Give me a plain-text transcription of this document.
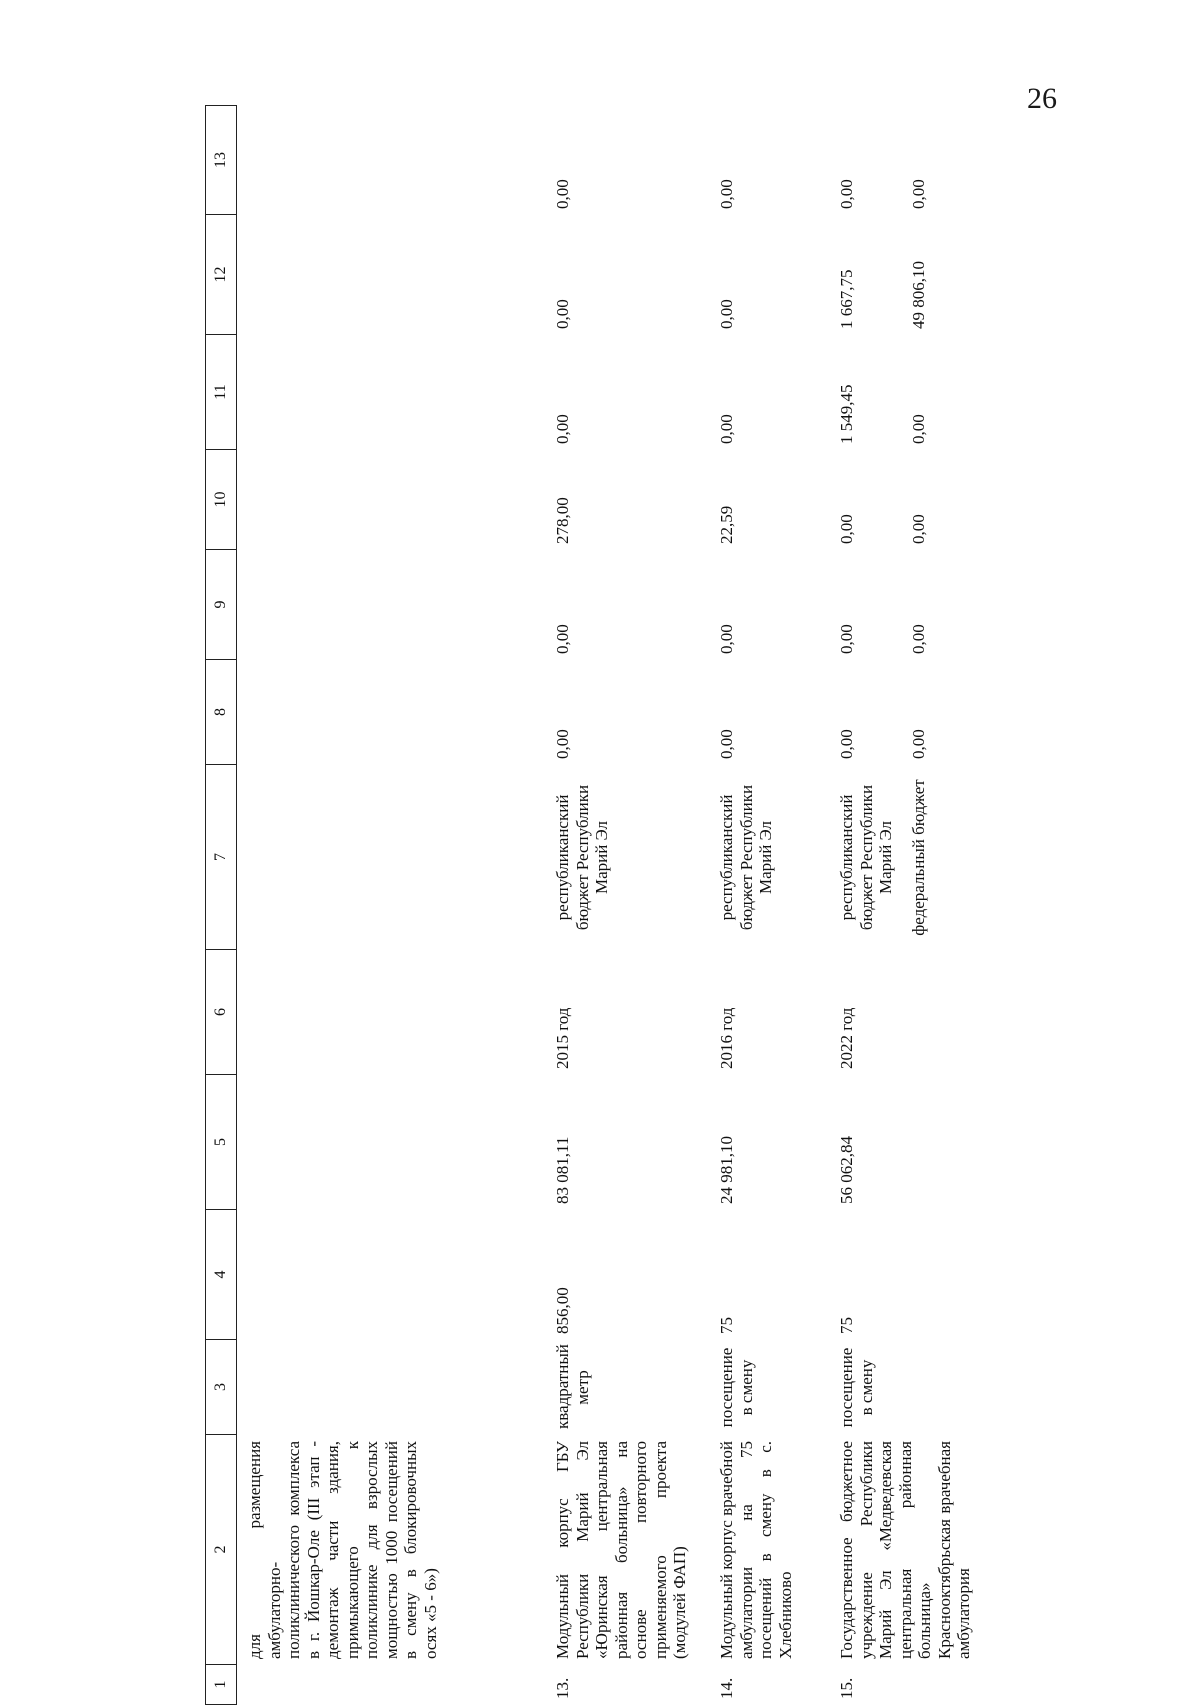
26
1
2
3
4
5
6
7
8
9
10
11
12
13
для размещения амбулаторно-поликлинического комплекса в г. Йошкар-Оле (III этап - демонтаж части здания, примыкающего к поликлинике для взрослых мощностью 1000 посещений в смену в блокировочных осях «5 - 6»)
13.
Модульный корпус ГБУ Республики Марий Эл «Юринская центральная районная больница» на основе повторного применяемого проекта (модулей ФАП)
квадратный метр
856,00
83 081,11
2015 год
республиканский бюджет Республики Марий Эл
0,00
0,00
278,00
0,00
0,00
0,00
14.
Модульный корпус врачебной амбулатории на 75 посещений в смену в с. Хлебниково
посещение в смену
75
24 981,10
2016 год
республиканский бюджет Республики Марий Эл
0,00
0,00
22,59
0,00
0,00
0,00
15.
Государственное бюджетное учреждение Республики Марий Эл «Медведевская центральная районная больница» Краснооктябрьская врачебная амбулатория
посещение в смену
75
56 062,84
2022 год
республиканский бюджет Республики Марий Эл
0,00
0,00
0,00
1 549,45
1 667,75
0,00
федеральный бюджет
0,00
0,00
0,00
0,00
49 806,10
0,00
